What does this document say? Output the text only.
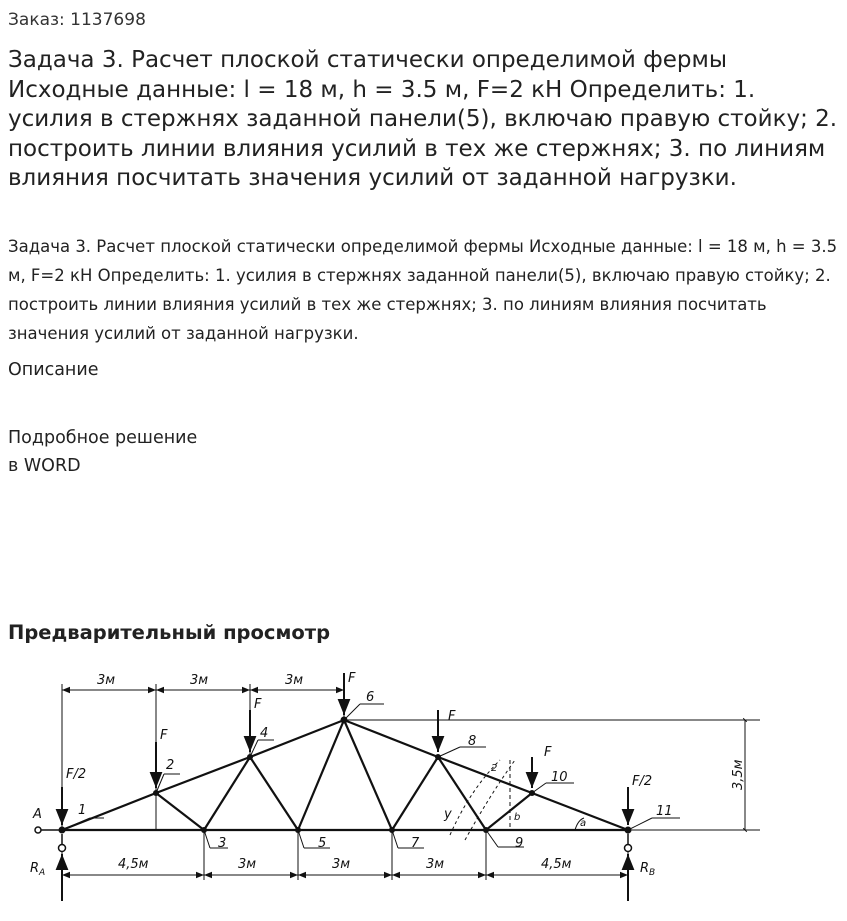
Заказ: 1137698
Задача 3. Расчет плоской статически определимой фермы Исходные данные: l = 18 м, h = 3.5 м, F=2 кН Определить: 1. усилия в стержнях заданной панели(5), включаю правую стойку; 2. построить линии влияния усилий в тех же стержнях; 3. по линиям влияния посчитать значения усилий от заданной нагрузки.
Задача 3. Расчет плоской статически определимой фермы Исходные данные: l = 18 м, h = 3.5 м, F=2 кН Определить: 1. усилия в стержнях заданной панели(5), включаю правую стойку; 2. построить линии влияния усилий в тех же стержнях; 3. по линиям влияния посчитать значения усилий от заданной нагрузки.
Описание
Подробное решение
в WORD
Предварительный просмотр
3м	3м	3м
4,5м	3м	3м	3м	4,5м
3,5м
y
2
b
a
F/2
F
F
F
F
F
F/2
1
2
3
4
5
6
7
8
9
10
11
A
$R_A$	$R_B$
